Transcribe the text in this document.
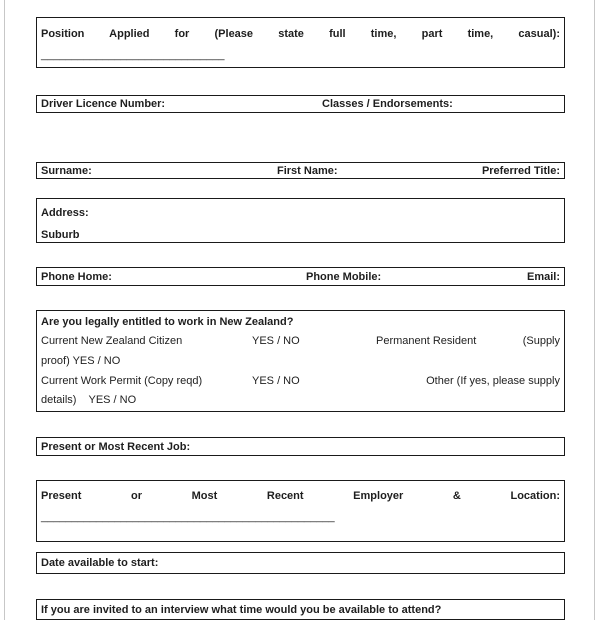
Position Applied for (Please state full time, part time, casual):
______________________________
Driver Licence Number:	Classes / Endorsements:
Surname:	First Name:	Preferred Title:
Address:
Suburb
Phone Home:	Phone Mobile:	Email:
Are you legally entitled to work in New Zealand?
Current New Zealand Citizen	YES / NO	Permanent Resident	(Supply
proof) YES / NO
Current Work Permit (Copy reqd)	YES / NO	Other (If yes, please supply
details)    YES / NO
Present or Most Recent Job:
Present or Most Recent Employer & Location:
________________________________________________
Date available to start:
If you are invited to an interview what time would you be available to attend?
